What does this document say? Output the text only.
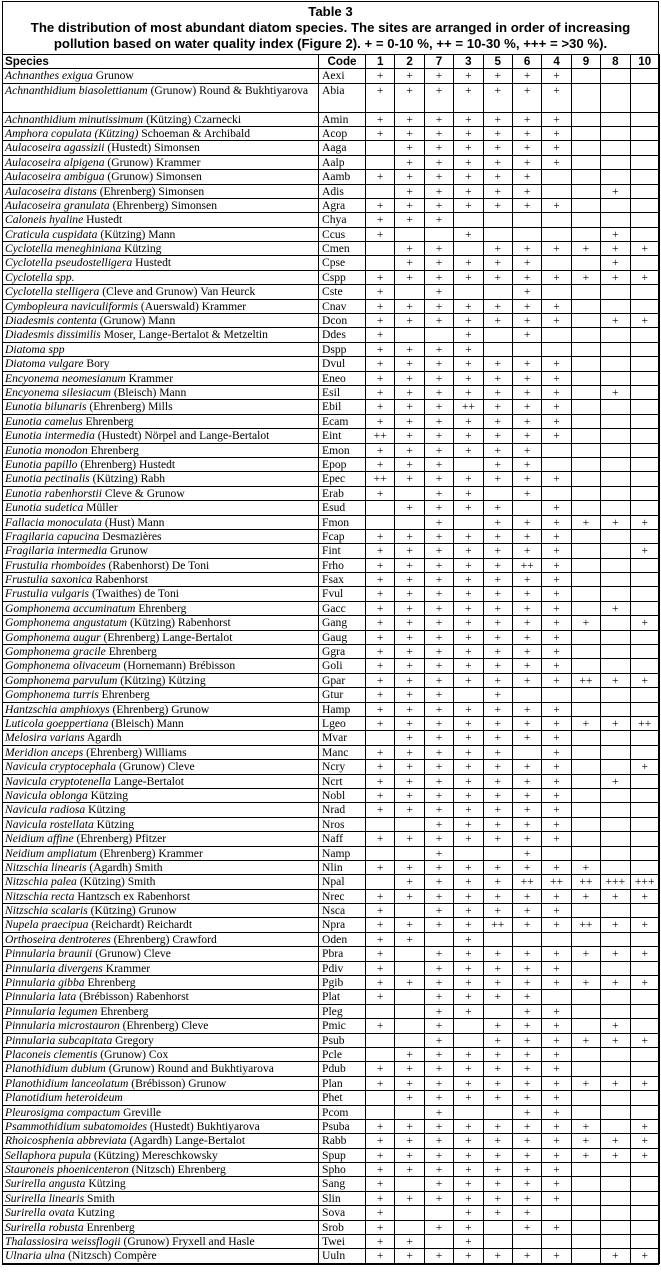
Table 3
The distribution of most abundant diatom species. The sites are arranged in order of increasing
pollution based on water quality index (Figure 2). + = 0-10 %, ++ = 10-30 %, +++ = >30 %).
Species	Code	1	2	7	3	5	6	4	9	8	10
Achnanthes exigua Grunow	Aexi	+	+	+	+	+	+	+			
Achnanthidium biasolettianum (Grunow) Round & Bukhtiyarova	Abia	+	+	+	+	+	+	+			
Achnanthidium minutissimum (Kützing) Czarnecki	Amin	+	+	+	+	+	+	+			
Amphora copulata (Kützing) Schoeman & Archibald	Acop	+	+	+	+	+	+	+			
Aulacoseira agassizii (Hustedt) Simonsen	Aaga		+	+	+	+	+	+			
Aulacoseira alpigena (Grunow) Krammer	Aalp		+	+	+	+	+	+			
Aulacoseira ambigua (Grunow) Simonsen	Aamb	+	+	+	+	+	+				
Aulacoseira distans (Ehrenberg) Simonsen	Adis		+	+	+	+	+			+	
Aulacoseira granulata (Ehrenberg) Simonsen	Agra	+	+	+	+	+	+	+			
Caloneis hyaline Hustedt	Chya	+	+	+							
Craticula cuspidata (Kützing) Mann	Ccus	+			+					+	
Cyclotella meneghiniana Kützing	Cmen		+	+		+	+	+	+	+	+
Cyclotella pseudostelligera Hustedt	Cpse		+	+	+	+	+			+	
Cyclotella spp.	Cspp	+	+	+	+	+	+	+	+	+	+
Cyclotella stelligera (Cleve and Grunow) Van Heurck	Cste	+		+			+				
Cymbopleura naviculiformis (Auerswald) Krammer	Cnav	+	+	+	+	+	+	+			
Diadesmis contenta (Grunow) Mann	Dcon	+	+	+	+	+	+	+		+	+
Diadesmis dissimilis Moser, Lange-Bertalot & Metzeltin	Ddes	+			+		+				
Diatoma spp	Dspp	+	+	+	+						
Diatoma vulgare Bory	Dvul	+	+	+	+	+	+	+			
Encyonema neomesianum Krammer	Eneo	+	+	+	+	+	+	+			
Encyonema silesiacum (Bleisch) Mann	Esil	+	+	+	+	+	+	+		+	
Eunotia bilunaris (Ehrenberg) Mills	Ebil	+	+	+	++	+	+	+			
Eunotia camelus Ehrenberg	Ecam	+	+	+	+	+	+	+			
Eunotia intermedia (Hustedt) Nörpel and Lange-Bertalot	Eint	++	+	+	+	+	+	+			
Eunotia monodon Ehrenberg	Emon	+	+	+	+	+	+				
Eunotia papillo (Ehrenberg) Hustedt	Epop	+	+	+		+	+				
Eunotia pectinalis (Kützing) Rabh	Epec	++	+	+	+	+	+	+			
Eunotia rabenhorstii Cleve & Grunow	Erab	+		+	+		+				
Eunotia sudetica Müller	Esud		+	+	+	+		+			
Fallacia monoculata (Hust) Mann	Fmon			+		+	+	+	+	+	+
Fragilaria capucina Desmazières	Fcap	+	+	+	+	+	+	+			
Fragilaria intermedia Grunow	Fint	+	+	+	+	+	+	+			+
Frustulia rhomboides (Rabenhorst) De Toni	Frho	+	+	+	+	+	++	+			
Frustulia saxonica Rabenhorst	Fsax	+	+	+	+	+	+	+			
Frustulia vulgaris (Twaithes) de Toni	Fvul	+	+	+	+	+	+	+			
Gomphonema accuminatum Ehrenberg	Gacc	+	+	+	+	+	+	+		+	
Gomphonema angustatum (Kützing) Rabenhorst	Gang	+	+	+	+	+	+	+	+		+
Gomphonema augur (Ehrenberg) Lange-Bertalot	Gaug	+	+	+	+	+	+	+			
Gomphonema gracile Ehrenberg	Ggra	+	+	+	+	+	+	+			
Gomphonema olivaceum (Hornemann) Brébisson	Goli	+	+	+	+	+	+	+			
Gomphonema parvulum (Kützing) Kützing	Gpar	+	+	+	+	+	+	+	++	+	+
Gomphonema turris Ehrenberg	Gtur	+	+	+		+					
Hantzschia amphioxys (Ehrenberg) Grunow	Hamp	+	+	+	+	+	+	+			
Luticola goeppertiana (Bleisch) Mann	Lgeo	+	+	+	+	+	+	+	+	+	++
Melosira varians Agardh	Mvar		+	+	+	+	+	+			
Meridion anceps (Ehrenberg) Williams	Manc	+	+	+	+	+		+			
Navicula cryptocephala (Grunow) Cleve	Ncry	+	+	+	+	+	+	+			+
Navicula cryptotenella Lange-Bertalot	Ncrt	+	+	+	+	+	+	+		+	
Navicula oblonga Kützing	Nobl	+	+	+	+	+	+	+			
Navicula radiosa Kützing	Nrad	+	+	+	+	+	+	+			
Navicula rostellata Kützing	Nros			+	+	+	+	+			
Neidium affine (Ehrenberg) Pfitzer	Naff	+	+	+	+	+	+	+			
Neidium ampliatum (Ehrenberg) Krammer	Namp			+			+				
Nitzschia linearis (Agardh) Smith	Nlin	+	+	+	+	+	+	+	+		
Nitzschia palea (Kützing) Smith	Npal		+	+	+	+	++	++	++	+++	+++
Nitzschia recta Hantzsch ex Rabenhorst	Nrec	+	+	+	+	+	+	+	+	+	+
Nitzschia scalaris (Kützing) Grunow	Nsca	+		+	+	+	+	+			
Nupela praecipua (Reichardt) Reichardt	Npra	+	+	+	+	++	+	+	++	+	+
Orthoseira dentroteres (Ehrenberg) Crawford	Oden	+	+		+						
Pinnularia braunii (Grunow) Cleve	Pbra	+		+	+	+	+	+	+	+	+
Pinnularia divergens Krammer	Pdiv	+		+	+	+	+	+			
Pinnularia gibba Ehrenberg	Pgib	+	+	+	+	+	+	+	+	+	+
Pinnularia lata (Brébisson) Rabenhorst	Plat	+		+	+	+	+				
Pinnularia legumen Ehrenberg	Pleg			+	+		+	+			
Pinnularia microstauron (Ehrenberg) Cleve	Pmic	+		+		+	+	+		+	
Pinnularia subcapitata Gregory	Psub			+		+	+	+	+	+	+
Placoneis clementis (Grunow) Cox	Pcle		+	+	+	+	+	+			
Planothidium dubium (Grunow) Round and Bukhtiyarova	Pdub	+	+	+	+	+	+	+			
Planothidium lanceolatum (Brébisson) Grunow	Plan	+	+	+	+	+	+	+	+	+	+
Planotidium heteroideum	Phet		+	+	+	+	+	+			
Pleurosigma compactum Greville	Pcom			+			+	+			
Psammothidium subatomoides (Hustedt) Bukhtiyarova	Psuba	+	+	+	+	+	+	+	+		+
Rhoicosphenia abbreviata (Agardh) Lange-Bertalot	Rabb	+	+	+	+	+	+	+	+	+	+
Sellaphora pupula (Kützing) Mereschkowsky	Spup	+	+	+	+	+	+	+	+	+	+
Stauroneis phoenicenteron (Nitzsch) Ehrenberg	Spho	+	+	+	+	+	+	+			
Surirella angusta Kützing	Sang	+		+	+	+	+	+			
Surirella linearis Smith	Slin	+	+	+	+	+	+	+			
Surirella ovata Kutzing	Sova	+			+	+	+				
Surirella robusta Enrenberg	Srob	+		+	+		+	+			
Thalassiosira weissflogii (Grunow) Fryxell and Hasle	Twei	+	+		+						
Ulnaria ulna (Nitzsch) Compère	Uuln	+	+	+	+	+	+	+		+	+
